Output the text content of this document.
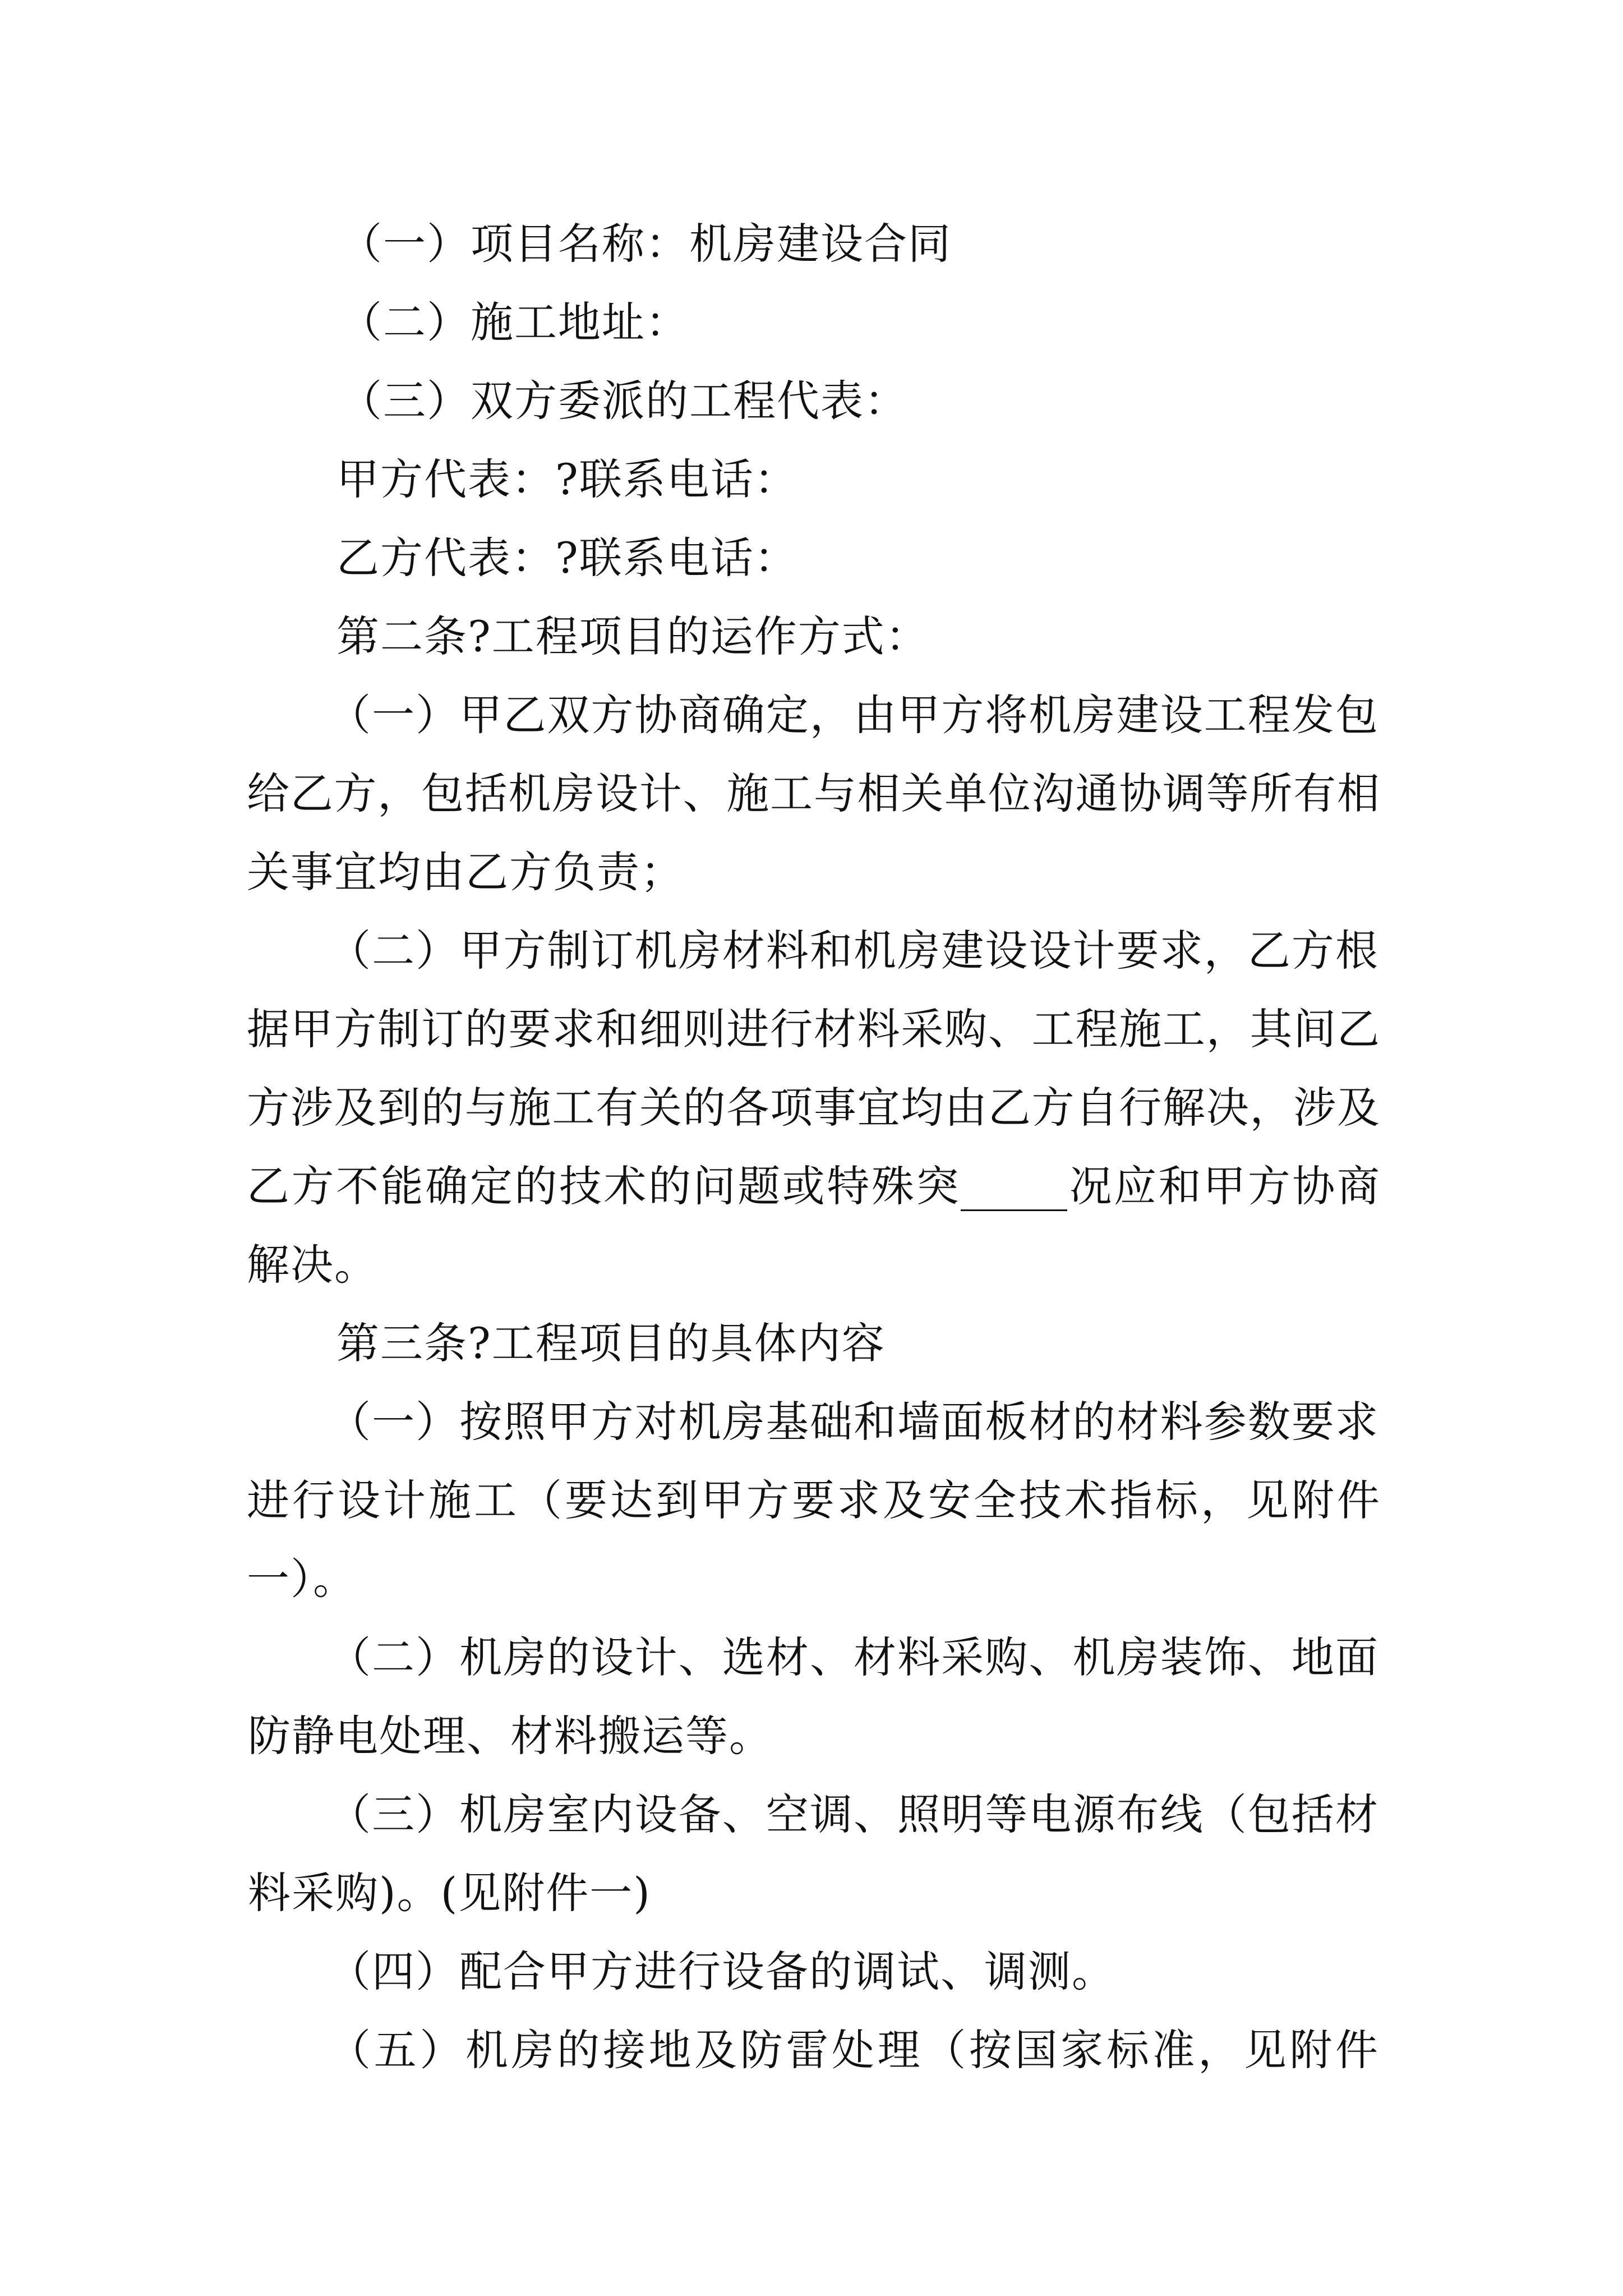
（一）项目名称：机房建设合同
（二）施工地址：
（三）双方委派的工程代表：
甲方代表：?联系电话：
乙方代表：?联系电话：
第二条?工程项目的运作方式：
（一）甲乙双方协商确定，由甲方将机房建设工程发包
给乙方，包括机房设计、施工与相关单位沟通协调等所有相
关事宜均由乙方负责；
（二）甲方制订机房材料和机房建设设计要求，乙方根
据甲方制订的要求和细则进行材料采购、工程施工，其间乙
方涉及到的与施工有关的各项事宜均由乙方自行解决，涉及
乙方不能确定的技术的问题或特殊突_____况应和甲方协商
解决。
第三条?工程项目的具体内容
（一）按照甲方对机房基础和墙面板材的材料参数要求
进行设计施工（要达到甲方要求及安全技术指标，见附件
一）。
（二）机房的设计、选材、材料采购、机房装饰、地面
防静电处理、材料搬运等。
（三）机房室内设备、空调、照明等电源布线（包括材
料采购)。(见附件一)
（四）配合甲方进行设备的调试、调测。
（五）机房的接地及防雷处理（按国家标准，见附件
